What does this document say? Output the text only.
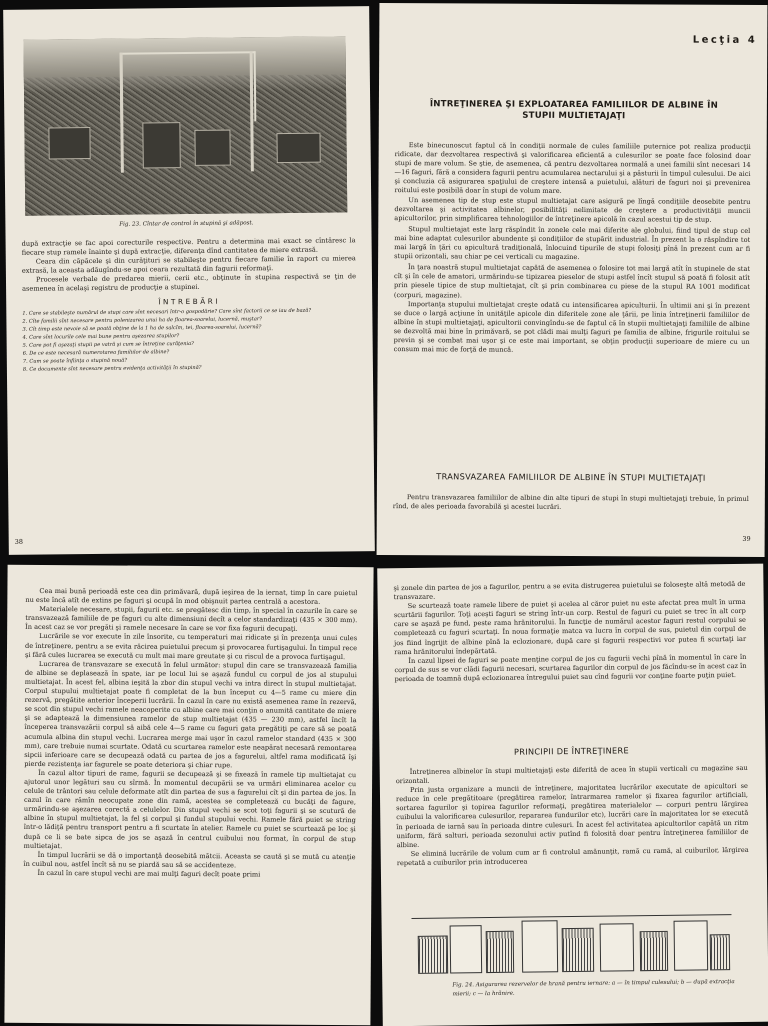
Fig. 23. Cîntar de control în stupină şi adăpost.

după extracţie se fac apoi corecturile respective. Pentru a determina mai exact se cîntăresc la fiecare stup ramele înainte şi după extracţie, diferenţa dînd cantitatea de miere extrasă.

Ceara din căpăcele şi din curăţituri se stabileşte pentru fiecare familie în raport cu mierea extrasă, la aceasta adăugîndu-se apoi ceara rezultată din fagurii reformaţi.

Procesele verbale de predarea mierii, cerii etc., obţinute în stupina respectivă se ţin de asemenea în acelaşi registru de producţie a stupinei.

ÎNTREBĂRI
1. Care se stabileşte numărul de stupi care sînt necesari într-o gospodărie? Care sînt factorii ce se iau de bază?
2. Cîte familii sînt necesare pentru polenizarea unui ha de floarea-soarelui, lucernă, muştar?
3. Cît timp este nevoie să se poată obţine de la 1 ha de salcîm, tei, floarea-soarelui, lucernă?
4. Care sînt locurile cele mai bune pentru aşezarea stupilor?
5. Care pot fi aşezaţi stupii pe vatră şi cum se întreţine curăţenia?
6. De ce este necesară numerotarea familiilor de albine?
7. Cum se poate înfiinţa o stupină nouă?
8. Ce documente sînt necesare pentru evidenţa activităţii în stupină?
38
Lecţia 4
ÎNTREŢINEREA ŞI EXPLOATAREA FAMILIILOR DE ALBINE ÎN STUPII MULTIETAJAŢI

Este binecunoscut faptul că în condiţii normale de cules familiile puternice pot realiza producţii ridicate, dar dezvoltarea respectivă şi valorificarea eficientă a culesurilor se poate face folosind doar stupi de mare volum. Se ştie, de asemenea, că pentru dezvoltarea normală a unei familii sînt necesari 14—16 faguri, fără a considera fagurii pentru acumularea nectarului şi a păsturii în timpul culesului. De aici şi concluzia că asigurarea spaţiului de creştere intensă a puietului, alături de faguri noi şi prevenirea roitului este posibilă doar în stupi de volum mare.

Un asemenea tip de stup este stupul multietajat care asigură pe lîngă condiţiile deosebite pentru dezvoltarea şi activitatea albinelor, posibilităţi nelimitate de creştere a productivităţii muncii apicultorilor, prin simplificarea tehnologiilor de întreţinere apicolă în cazul acestui tip de stup.

Stupul multietajat este larg răspîndit în zonele cele mai diferite ale globului, fiind tipul de stup cel mai bine adaptat culesurilor abundente şi condiţiilor de stupărit industrial. În prezent la o răspîndire tot mai largă în ţări cu apicultură tradiţională, înlocuind tipurile de stupi folosiţi pînă în prezent cum ar fi stupii orizontali, sau chiar pe cei verticali cu magazine.

În ţara noastră stupul multietajat capătă de asemenea o folosire tot mai largă atît în stupinele de stat cît şi în cele de amatori, urmărindu-se tipizarea pieselor de stupi astfel încît stupul să poată fi folosit atît prin piesele tipice de stup multietajat, cît şi prin combinarea cu piese de la stupul RA 1001 modificat (corpuri, magazine).

Importanţa stupului multietajat creşte odată cu intensificarea apiculturii. În ultimii ani şi în prezent se duce o largă acţiune în unităţile apicole din diferitele zone ale ţării, pe linia întreţinerii familiilor de albine în stupi multietajaţi, apicultorii convingîndu-se de faptul că în stupii multietajaţi familiile de albine se dezvoltă mai bine în primăvară, se pot clădi mai mulţi faguri pe familia de albine, frigurile roitului se previn şi se combat mai uşor şi ce este mai important, se obţin producţii superioare de miere cu un consum mai mic de forţă de muncă.

TRANSVAZAREA FAMILIILOR DE ALBINE ÎN STUPI MULTIETAJAŢI

Pentru transvazarea familiilor de albine din alte tipuri de stupi în stupi multietajaţi trebuie, în primul rînd, de ales perioada favorabilă şi acestei lucrări.

39

Cea mai bună perioadă este cea din primăvară, după ieşirea de la iernat, timp în care puietul nu este încă atît de extins pe faguri şi ocupă în mod obişnuit partea centrală a acestora.

Materialele necesare, stupii, fagurii etc. se pregătesc din timp, în special în cazurile în care se transvazează familiile de pe faguri cu alte dimensiuni decît a celor standardizaţi (435 × 300 mm). În acest caz se vor pregăti şi ramele necesare în care se vor fixa fagurii decupaţi.

Lucrările se vor execute în zile însorite, cu temperaturi mai ridicate şi în prezenţa unui cules de întreţinere, pentru a se evita răcirea puietului precum şi provocarea furtişagului. În timpul rece şi fără cules lucrarea se execută cu mult mai mare greutate şi cu riscul de a provoca furtişagul.

Lucrarea de transvazare se execută în felul următor: stupul din care se transvazează familia de albine se deplasează în spate, iar pe locul lui se aşază fundul cu corpul de jos al stupului multietajat. În acest fel, albina ieşită la zbor din stupul vechi va intra direct în stupul multietajat. Corpul stupului multietajat poate fi completat de la bun început cu 4—5 rame cu miere din rezervă, pregătite anterior începerii lucrării. În cazul în care nu există asemenea rame în rezervă, se scot din stupul vechi ramele neacoperite cu albine care mai conţin o anumită cantitate de miere şi se adaptează la dimensiunea ramelor de stup multietajat (435 — 230 mm), astfel încît la începerea transvazării corpul să aibă cele 4—5 rame cu faguri gata pregătiţi pe care să se poată acumula albina din stupul vechi. Lucrarea merge mai uşor în cazul ramelor standard (435 × 300 mm), care trebuie numai scurtate. Odată cu scurtarea ramelor este neapărat necesară remontarea sipcii inferioare care se decupează odată cu partea de jos a fagurelui, altfel rama modificată îşi pierde rezistenţa iar fagurele se poate deteriora şi chiar rupe.

În cazul altor tipuri de rame, fagurii se decupează şi se fixează în ramele tip multietajat cu ajutorul unor legături sau cu sîrmă. În momentul decupării se va urmări eliminarea acelor cu celule de trântori sau celule deformate atît din partea de sus a fagurelui cît şi din partea de jos. În cazul în care rămîn neocupate zone din ramă, acestea se completează cu bucăţi de fagure, urmărindu-se aşezarea corectă a celulelor. Din stupul vechi se scot toţi fagurii şi se scutură de albine în stupul multietajat, la fel şi corpul şi fundul stupului vechi. Ramele fără puiet se string într-o lădiţă pentru transport pentru a fi scurtate în atelier. Ramele cu puiet se scurtează pe loc şi după ce li se bate sipca de jos se aşază în centrul cuibului nou format, în corpul de stup multietajat.

În timpul lucrării se dă o importanţă deosebită mătcii. Aceasta se caută şi se mută cu atenţie în cuibul nou, astfel încît să nu se piardă sau să se accidenteze.

În cazul în care stupul vechi are mai mulţi faguri decît poate primi

şi zonele din partea de jos a fagurilor, pentru a se evita distrugerea puietului se foloseşte altă metodă de transvazare.

Se scurtează toate ramele libere de puiet şi acelea al căror puiet nu este afectat prea mult în urma scurtării fagurilor. Toţi aceşti faguri se string într-un corp. Restul de faguri cu puiet se trec în alt corp care se aşază pe fund, peste rama hrănitorului. În funcţie de numărul acestor faguri restul corpului se completează cu faguri scurtaţi. În noua formaţie matca va lucra în corpul de sus, puietul din corpul de jos fiind îngrijit de albine pînă la eclozionare, după care şi fagurii respectivi vor putea fi scurtaţi iar rama hrănitorului îndepărtată.

În cazul lipsei de faguri se poate menţine corpul de jos cu fagurii vechi pînă în momentul în care în corpul de sus se vor clădi fagurii necesari, scurtarea fagurilor din corpul de jos făcîndu-se în acest caz în perioada de toamnă după eclozionarea întregului puiet sau cînd fagurii vor conţine foarte puţin puiet.

PRINCIPII DE ÎNTREŢINERE

Întreţinerea albinelor în stupi multietajaţi este diferită de acea în stupii verticali cu magazine sau orizontali.

Prin justa organizare a muncii de întreţinere, majoritatea lucrărilor executate de apicultori se reduce în cele pregătitoare (pregătirea ramelor, întrarmarea ramelor şi fixarea fagurilor artificiali, sortarea fagurilor şi topirea fagurilor reformaţi, pregătirea materialelor — corpuri pentru lărgirea cuibului la valorificarea culesurilor, repararea fundurilor etc), lucrări care în majoritatea lor se execută în perioada de iarnă sau în perioada dintre culesuri. În acest fel activitatea apicultorilor capătă un ritm uniform, fără salturi, perioada sezonului activ putînd fi folosită doar pentru întreţinerea familiilor de albine.

Se elimină lucrările de volum cum ar fi controlul amănunţit, ramă cu ramă, al cuiburilor, lărgirea repetată a cuiburilor prin introducerea

Fig. 24. Asigurarea rezervelor de hrană pentru iernare: a — în timpul culesului; b — după extracţia mierii; c — la hrănire.
